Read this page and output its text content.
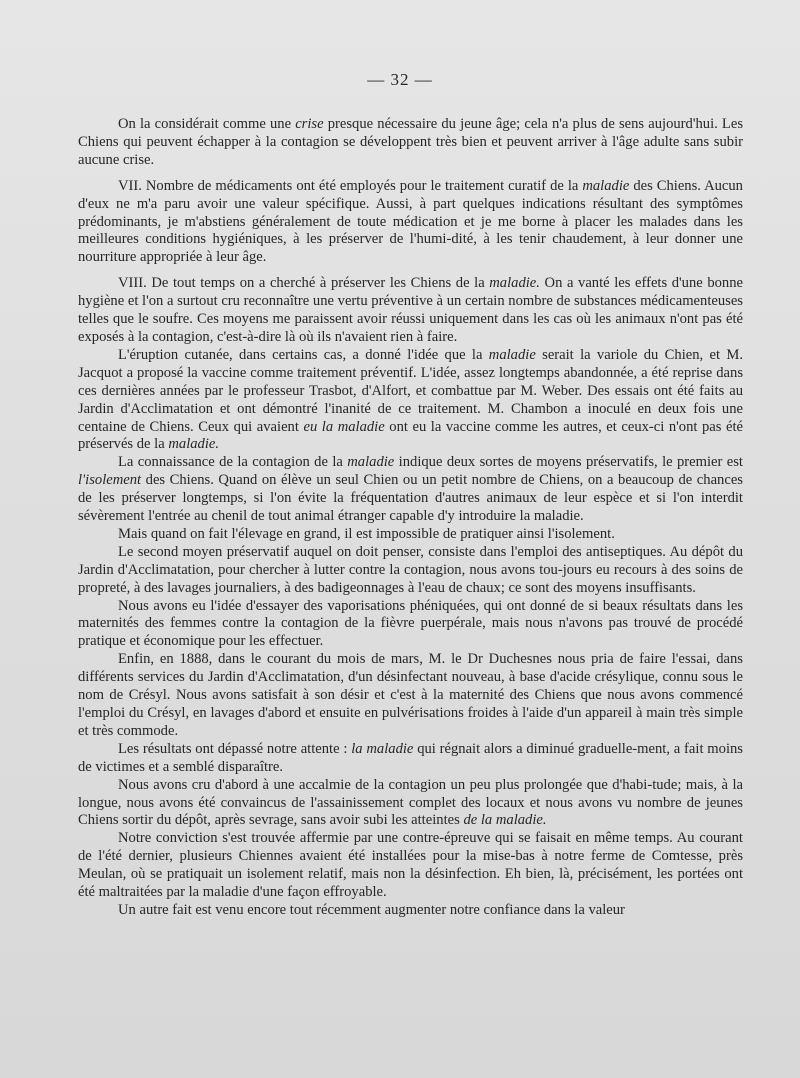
— 32 —

On la considérait comme une crise presque nécessaire du jeune âge; cela n'a plus de sens aujourd'hui. Les Chiens qui peuvent échapper à la contagion se développent très bien et peuvent arriver à l'âge adulte sans subir aucune crise.

VII. Nombre de médicaments ont été employés pour le traitement curatif de la maladie des Chiens. Aucun d'eux ne m'a paru avoir une valeur spécifique. Aussi, à part quelques indications résultant des symptômes prédominants, je m'abstiens généralement de toute médication et je me borne à placer les malades dans les meilleures conditions hygiéniques, à les préserver de l'humi-dité, à les tenir chaudement, à leur donner une nourriture appropriée à leur âge.

VIII. De tout temps on a cherché à préserver les Chiens de la maladie. On a vanté les effets d'une bonne hygiène et l'on a surtout cru reconnaître une vertu préventive à un certain nombre de substances médicamenteuses telles que le soufre. Ces moyens me paraissent avoir réussi uniquement dans les cas où les animaux n'ont pas été exposés à la contagion, c'est-à-dire là où ils n'avaient rien à faire.

L'éruption cutanée, dans certains cas, a donné l'idée que la maladie serait la variole du Chien, et M. Jacquot a proposé la vaccine comme traitement préventif. L'idée, assez longtemps abandonnée, a été reprise dans ces dernières années par le professeur Trasbot, d'Alfort, et combattue par M. Weber. Des essais ont été faits au Jardin d'Acclimatation et ont démontré l'inanité de ce traitement. M. Chambon a inoculé en deux fois une centaine de Chiens. Ceux qui avaient eu la maladie ont eu la vaccine comme les autres, et ceux-ci n'ont pas été préservés de la maladie.

La connaissance de la contagion de la maladie indique deux sortes de moyens préservatifs, le premier est l'isolement des Chiens. Quand on élève un seul Chien ou un petit nombre de Chiens, on a beaucoup de chances de les préserver longtemps, si l'on évite la fréquentation d'autres animaux de leur espèce et si l'on interdit sévèrement l'entrée au chenil de tout animal étranger capable d'y introduire la maladie.

Mais quand on fait l'élevage en grand, il est impossible de pratiquer ainsi l'isolement.

Le second moyen préservatif auquel on doit penser, consiste dans l'emploi des antiseptiques. Au dépôt du Jardin d'Acclimatation, pour chercher à lutter contre la contagion, nous avons tou-jours eu recours à des soins de propreté, à des lavages journaliers, à des badigeonnages à l'eau de chaux; ce sont des moyens insuffisants.

Nous avons eu l'idée d'essayer des vaporisations phéniquées, qui ont donné de si beaux résultats dans les maternités des femmes contre la contagion de la fièvre puerpérale, mais nous n'avons pas trouvé de procédé pratique et économique pour les effectuer.

Enfin, en 1888, dans le courant du mois de mars, M. le Dr Duchesnes nous pria de faire l'essai, dans différents services du Jardin d'Acclimatation, d'un désinfectant nouveau, à base d'acide crésylique, connu sous le nom de Crésyl. Nous avons satisfait à son désir et c'est à la maternité des Chiens que nous avons commencé l'emploi du Crésyl, en lavages d'abord et ensuite en pulvérisations froides à l'aide d'un appareil à main très simple et très commode.

Les résultats ont dépassé notre attente : la maladie qui régnait alors a diminué graduelle-ment, a fait moins de victimes et a semblé disparaître.

Nous avons cru d'abord à une accalmie de la contagion un peu plus prolongée que d'habi-tude; mais, à la longue, nous avons été convaincus de l'assainissement complet des locaux et nous avons vu nombre de jeunes Chiens sortir du dépôt, après sevrage, sans avoir subi les atteintes de la maladie.

Notre conviction s'est trouvée affermie par une contre-épreuve qui se faisait en même temps. Au courant de l'été dernier, plusieurs Chiennes avaient été installées pour la mise-bas à notre ferme de Comtesse, près Meulan, où se pratiquait un isolement relatif, mais non la désinfection. Eh bien, là, précisément, les portées ont été maltraitées par la maladie d'une façon effroyable.

Un autre fait est venu encore tout récemment augmenter notre confiance dans la valeur
